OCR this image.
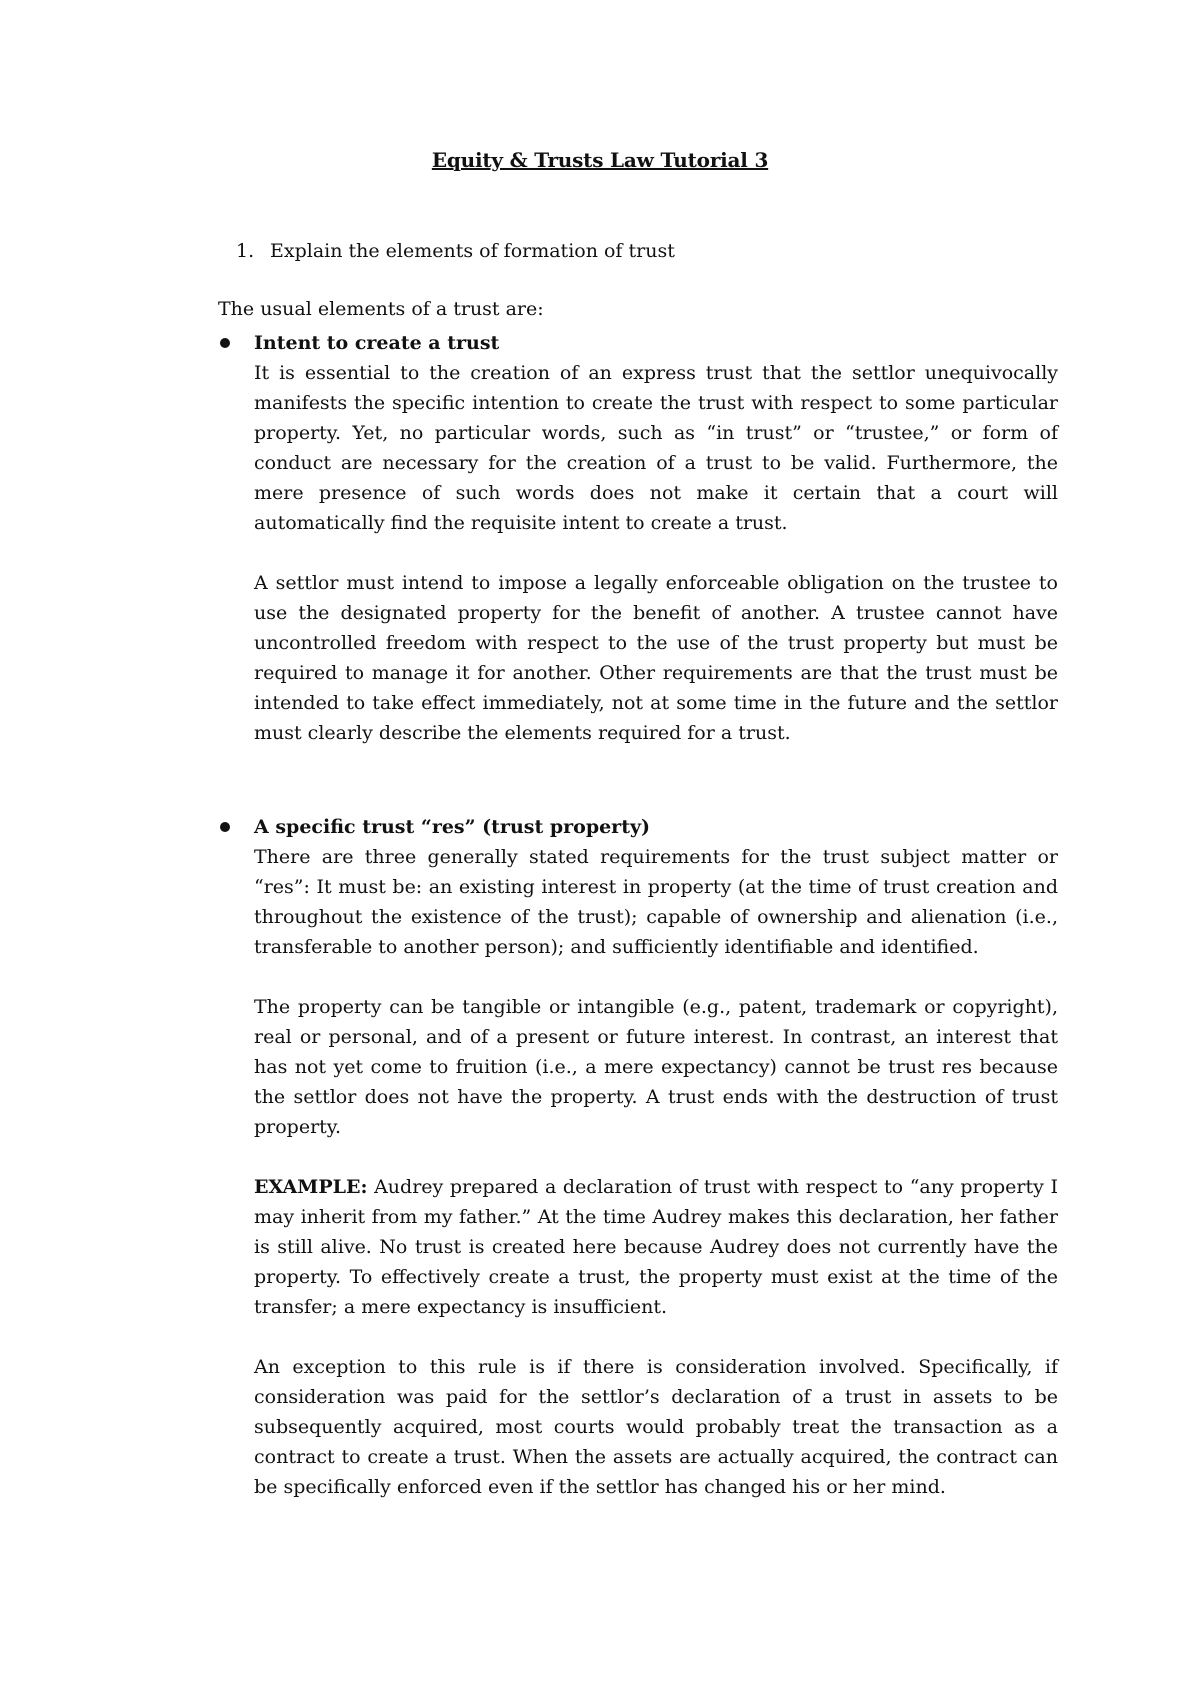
Equity & Trusts Law Tutorial 3
1. Explain the elements of formation of trust
The usual elements of a trust are:
Intent to create a trust

It is essential to the creation of an express trust that the settlor unequivocally manifests the specific intention to create the trust with respect to some particular property. Yet, no particular words, such as “in trust” or “trustee,” or form of conduct are necessary for the creation of a trust to be valid. Furthermore, the mere presence of such words does not make it certain that a court will automatically find the requisite intent to create a trust.

A settlor must intend to impose a legally enforceable obligation on the trustee to use the designated property for the benefit of another. A trustee cannot have uncontrolled freedom with respect to the use of the trust property but must be required to manage it for another. Other requirements are that the trust must be intended to take effect immediately, not at some time in the future and the settlor must clearly describe the elements required for a trust.

A specific trust “res” (trust property)

There are three generally stated requirements for the trust subject matter or “res”: It must be: an existing interest in property (at the time of trust creation and throughout the existence of the trust); capable of ownership and alienation (i.e., transferable to another person); and sufficiently identifiable and identified.

The property can be tangible or intangible (e.g., patent, trademark or copyright), real or personal, and of a present or future interest. In contrast, an interest that has not yet come to fruition (i.e., a mere expectancy) cannot be trust res because the settlor does not have the property. A trust ends with the destruction of trust property.

EXAMPLE: Audrey prepared a declaration of trust with respect to “any property I may inherit from my father.” At the time Audrey makes this declaration, her father is still alive. No trust is created here because Audrey does not currently have the property. To effectively create a trust, the property must exist at the time of the transfer; a mere expectancy is insufficient.

An exception to this rule is if there is consideration involved. Specifically, if consideration was paid for the settlor’s declaration of a trust in assets to be subsequently acquired, most courts would probably treat the transaction as a contract to create a trust. When the assets are actually acquired, the contract can be specifically enforced even if the settlor has changed his or her mind.
